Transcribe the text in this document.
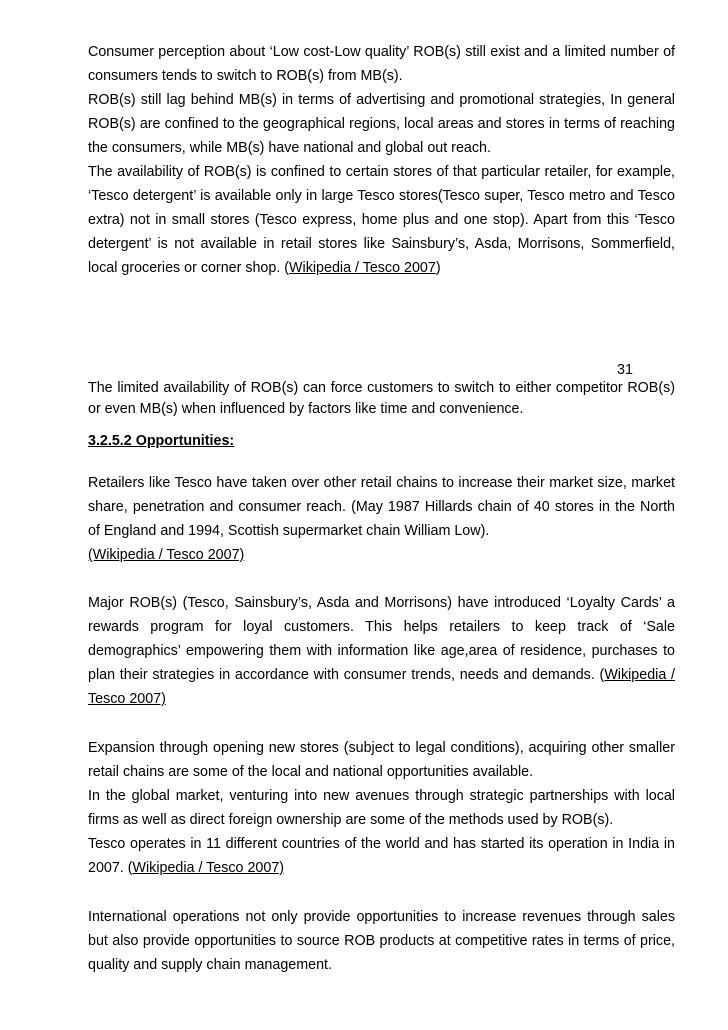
Consumer perception about ‘Low cost-Low quality’ ROB(s) still exist and a limited number of consumers tends to switch to ROB(s) from MB(s).
ROB(s) still lag behind MB(s) in terms of advertising and promotional strategies, In general ROB(s) are confined to the geographical regions, local areas and stores in terms of reaching the consumers, while MB(s) have national and global out reach.
The availability of ROB(s) is confined to certain stores of that particular retailer, for example, ‘Tesco detergent’ is available only in large Tesco stores(Tesco super, Tesco metro and Tesco extra) not in small stores (Tesco express, home plus and one stop). Apart from this ‘Tesco detergent’ is not available in retail stores like Sainsbury’s, Asda, Morrisons, Sommerfield, local groceries or corner shop. (Wikipedia / Tesco 2007)
31

The limited availability of ROB(s) can force customers to switch to either competitor ROB(s) or even MB(s) when influenced by factors like time and convenience.

3.2.5.2 Opportunities:

Retailers like Tesco have taken over other retail chains to increase their market size, market share, penetration and consumer reach. (May 1987 Hillards chain of 40 stores in the North of England and 1994, Scottish supermarket chain William Low).
(Wikipedia / Tesco 2007)
Major ROB(s) (Tesco, Sainsbury’s, Asda and Morrisons) have introduced ‘Loyalty Cards’ a rewards program for loyal customers. This helps retailers to keep track of ‘Sale demographics’ empowering them with information like age,area of residence, purchases to plan their strategies in accordance with consumer trends, needs and demands. (Wikipedia / Tesco 2007)
Expansion through opening new stores (subject to legal conditions), acquiring other smaller retail chains are some of the local and national opportunities available.
In the global market, venturing into new avenues through strategic partnerships with local firms as well as direct foreign ownership are some of the methods used by ROB(s).
Tesco operates in 11 different countries of the world and has started its operation in India in 2007. (Wikipedia / Tesco 2007)

International operations not only provide opportunities to increase revenues through sales but also provide opportunities to source ROB products at competitive rates in terms of price, quality and supply chain management.
